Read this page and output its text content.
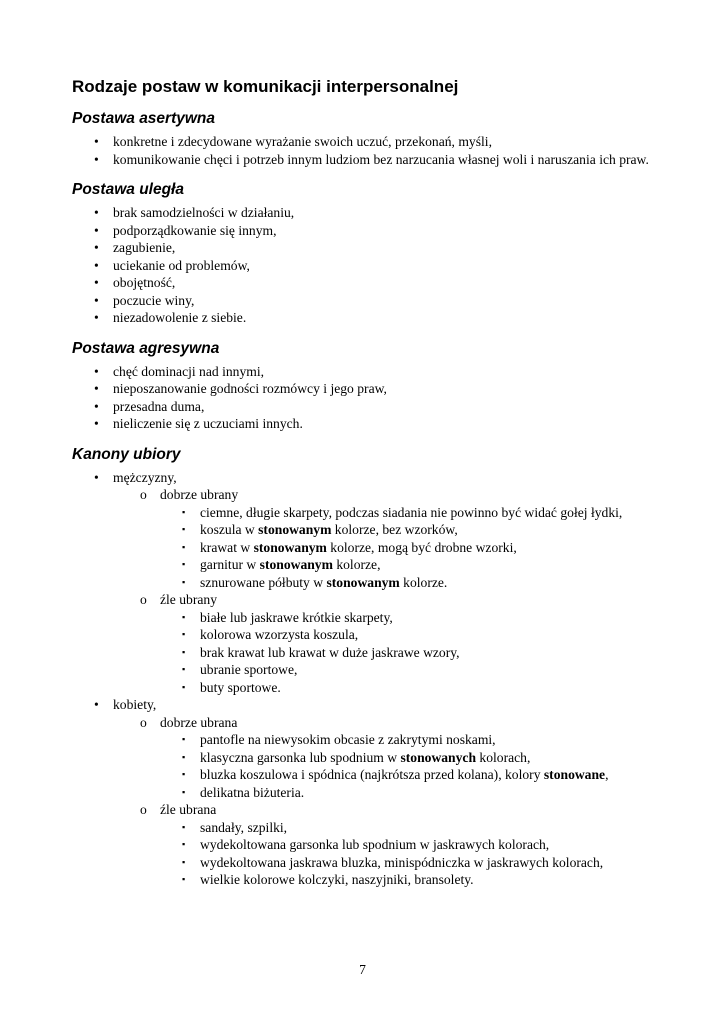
Rodzaje postaw w komunikacji interpersonalnej
Postawa asertywna
•	konkretne i zdecydowane wyrażanie swoich uczuć, przekonań, myśli,
•	komunikowanie chęci i potrzeb innym ludziom bez narzucania własnej woli i naruszania ich praw.
Postawa uległa
•	brak samodzielności w działaniu,
•	podporządkowanie się innym,
•	zagubienie,
•	uciekanie od problemów,
•	obojętność,
•	poczucie winy,
•	niezadowolenie z siebie.
Postawa agresywna
•	chęć dominacji nad innymi,
•	nieposzanowanie godności rozmówcy i jego praw,
•	przesadna duma,
•	nieliczenie się z uczuciami innych.
Kanony ubiory
•	mężczyzny,
o dobrze ubrany
▪	ciemne, długie skarpety, podczas siadania nie powinno być widać gołej łydki,
▪	koszula w stonowanym kolorze, bez wzorków,
▪	krawat w stonowanym kolorze, mogą być drobne wzorki,
▪	garnitur w stonowanym kolorze,
▪	sznurowane półbuty w stonowanym kolorze.
o źle ubrany
▪	białe lub jaskrawe krótkie skarpety,
▪	kolorowa wzorzysta koszula,
▪	brak krawat lub krawat w duże jaskrawe wzory,
▪	ubranie sportowe,
▪	buty sportowe.
•	kobiety,
o dobrze ubrana
▪	pantofle na niewysokim obcasie z zakrytymi noskami,
▪	klasyczna garsonka lub spodnium w stonowanych kolorach,
▪	bluzka koszulowa i spódnica (najkrótsza przed kolana), kolory stonowane,
▪	delikatna biżuteria.
o źle ubrana
▪	sandały, szpilki,
▪	wydekoltowana garsonka lub spodnium w jaskrawych kolorach,
▪	wydekoltowana jaskrawa bluzka, minispódniczka w jaskrawych kolorach,
▪	wielkie kolorowe kolczyki, naszyjniki, bransolety.
7
